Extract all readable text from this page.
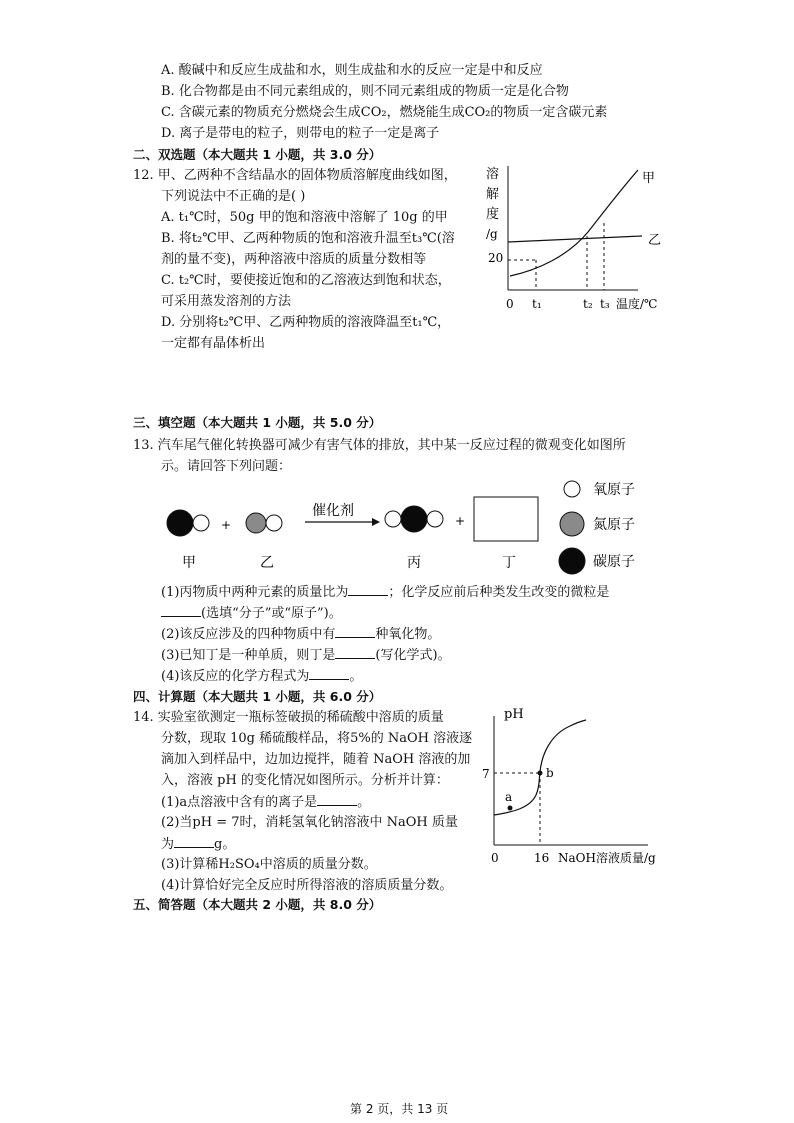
A. 酸碱中和反应生成盐和水，则生成盐和水的反应一定是中和反应
B. 化合物都是由不同元素组成的，则不同元素组成的物质一定是化合物
C. 含碳元素的物质充分燃烧会生成CO₂，燃烧能生成CO₂的物质一定含碳元素
D. 离子是带电的粒子，则带电的粒子一定是离子
二、双选题（本大题共 1 小题，共 3.0 分）
12. 甲、乙两种不含结晶水的固体物质溶解度曲线如图，
下列说法中不正确的是( )
A. t₁℃时，50g 甲的饱和溶液中溶解了 10g 的甲
B. 将t₂℃甲、乙两种物质的饱和溶液升温至t₃℃(溶
剂的量不变)，两种溶液中溶质的质量分数相等
C. t₂℃时，要使接近饱和的乙溶液达到饱和状态，
可采用蒸发溶剂的方法
D. 分别将t₂℃甲、乙两种物质的溶液降温至t₁℃，
一定都有晶体析出
溶
解
度
/g
20
0 t₁	t₂ t₃ 温度/℃
甲
乙
三、填空题（本大题共 1 小题，共 5.0 分）
13. 汽车尾气催化转换器可减少有害气体的排放，其中某一反应过程的微观变化如图所
示。请回答下列问题：
+
催化剂
+
甲	乙	丙	丁
氧原子
氮原子
碳原子
(1)丙物质中两种元素的质量比为	；化学反应前后种类发生改变的微粒是
(选填“分子”或“原子”)。
(2)该反应涉及的四种物质中有	种氧化物。
(3)已知丁是一种单质，则丁是	(写化学式)。
(4)该反应的化学方程式为	。
四、计算题（本大题共 1 小题，共 6.0 分）
14. 实验室欲测定一瓶标签破损的稀硫酸中溶质的质量
分数，现取 10g 稀硫酸样品，将5%的 NaOH 溶液逐
滴加入到样品中，边加边搅拌，随着 NaOH 溶液的加
入，溶液 pH 的变化情况如图所示。分析并计算：
(1)a点溶液中含有的离子是	。
(2)当pH = 7时，消耗氢氧化钠溶液中 NaOH 质量
为	g。
(3)计算稀H₂SO₄中溶质的质量分数。
(4)计算恰好完全反应时所得溶液的溶质质量分数。
pH
7
0	16 NaOH溶液质量/g
a
b
五、简答题（本大题共 2 小题，共 8.0 分）
第 2 页，共 13 页
